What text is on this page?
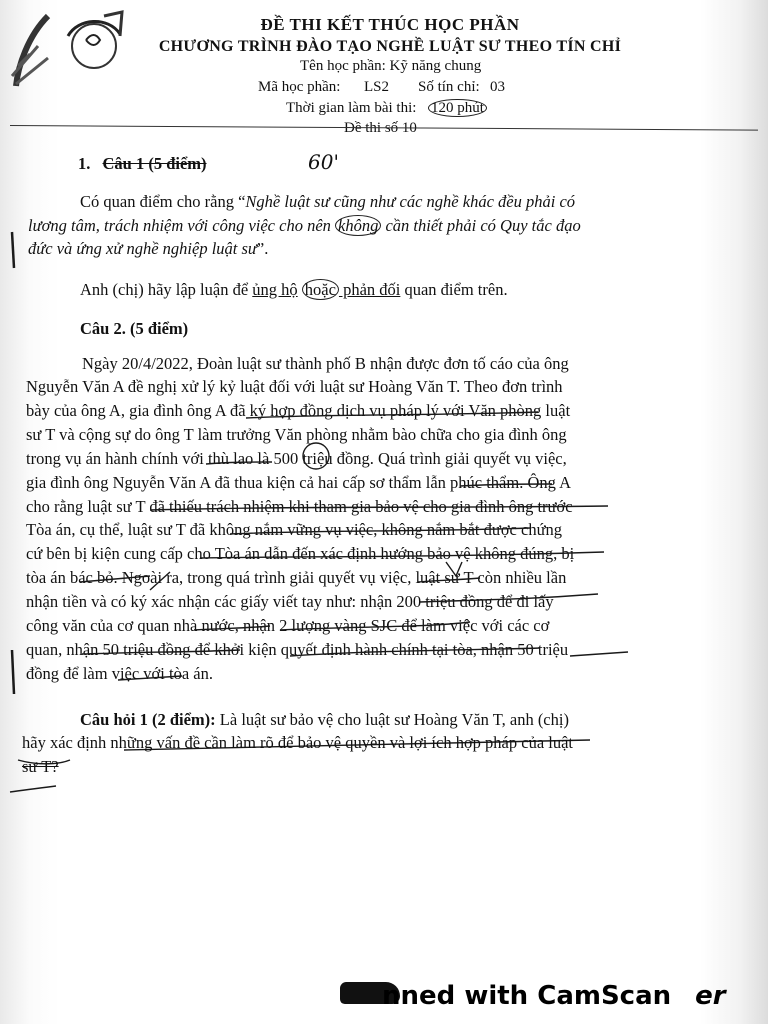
ĐỀ THI KẾT THÚC HỌC PHẦN

CHƯƠNG TRÌNH ĐÀO TẠO NGHỀ LUẬT SƯ THEO TÍN CHỈ

Tên học phần: Kỹ năng chung
Mã học phần: LS2 Số tín chỉ: 03
Thời gian làm bài thi: 120 phút
60'
1. Câu 1 (5 điểm)
Có quan điểm cho rằng “Nghề luật sư cũng như các nghề khác đều phải có
lương tâm, trách nhiệm với công việc cho nên không cần thiết phải có Quy tắc đạo
đức và ứng xử nghề nghiệp luật sư”.
Anh (chị) hãy lập luận để ủng hộ hoặc phản đối quan điểm trên.
Câu 2. (5 điểm)
Ngày 20/4/2022, Đoàn luật sư thành phố B nhận được đơn tố cáo của ông
Nguyễn Văn A đề nghị xử lý kỷ luật đối với luật sư Hoàng Văn T. Theo đơn trình
bày của ông A, gia đình ông A đã ký hợp đồng dịch vụ pháp lý với Văn phòng luật
sư T và cộng sự do ông T làm trưởng Văn phòng nhằm bào chữa cho gia đình ông
trong vụ án hành chính với thù lao là 500 triệu đồng. Quá trình giải quyết vụ việc,
gia đình ông Nguyễn Văn A đã thua kiện cả hai cấp sơ thẩm lẫn phúc thẩm. Ông A
cho rằng luật sư T đã thiếu trách nhiệm khi tham gia bảo vệ cho gia đình ông trước
Tòa án, cụ thể, luật sư T đã không nắm vững vụ việc, không nắm bắt được chứng
cứ bên bị kiện cung cấp cho Tòa án dẫn đến xác định hướng bảo vệ không đúng, bị
tòa án bác bỏ. Ngoài ra, trong quá trình giải quyết vụ việc, luật sư T còn nhiều lần
nhận tiền và có ký xác nhận các giấy viết tay như: nhận 200 triệu đồng để đi lấy
công văn của cơ quan nhà nước, nhận 2 lượng vàng SJC để làm việc với các cơ
quan, nhận 50 triệu đồng để khởi kiện quyết định hành chính tại tòa, nhận 50 triệu
đồng để làm việc với tòa án.
Câu hỏi 1 (2 điểm): Là luật sư bảo vệ cho luật sư Hoàng Văn T, anh (chị)
hãy xác định những vấn đề cần làm rõ để bảo vệ quyền và lợi ích hợp pháp của luật
sư T?
nned with CamScan er
